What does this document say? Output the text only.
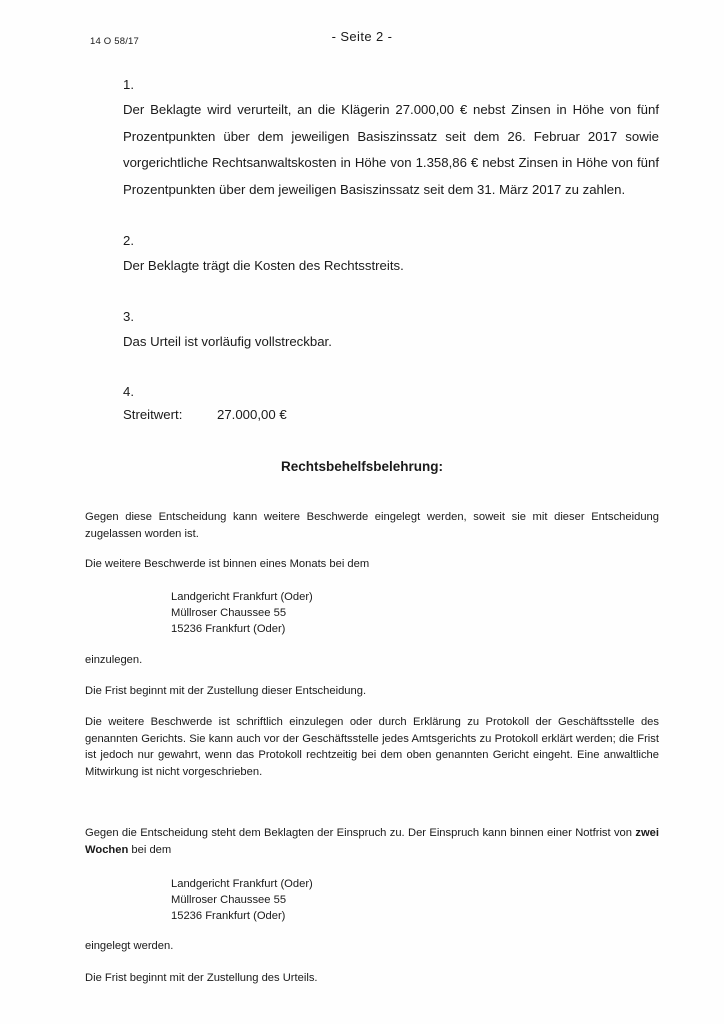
14 O 58/17	- Seite 2 -
1.

Der Beklagte wird verurteilt, an die Klägerin 27.000,00 € nebst Zinsen in Höhe von fünf Prozentpunkten über dem jeweiligen Basiszinssatz seit dem 26. Februar 2017 sowie vorgerichtliche Rechtsanwaltskosten in Höhe von 1.358,86 € nebst Zinsen in Höhe von fünf Prozentpunkten über dem jeweiligen Basiszinssatz seit dem 31. März 2017 zu zahlen.

2.
Der Beklagte trägt die Kosten des Rechtsstreits.
3.
Das Urteil ist vorläufig vollstreckbar.
4.
Streitwert:	27.000,00 €
Rechtsbehelfsbelehrung:

Gegen diese Entscheidung kann weitere Beschwerde eingelegt werden, soweit sie mit dieser Entscheidung zugelassen worden ist.

Die weitere Beschwerde ist binnen eines Monats bei dem

Landgericht Frankfurt (Oder)
Müllroser Chaussee 55
15236 Frankfurt (Oder)

einzulegen.

Die Frist beginnt mit der Zustellung dieser Entscheidung.

Die weitere Beschwerde ist schriftlich einzulegen oder durch Erklärung zu Protokoll der Geschäftsstelle des genannten Gerichts. Sie kann auch vor der Geschäftsstelle jedes Amtsgerichts zu Protokoll erklärt werden; die Frist ist jedoch nur gewahrt, wenn das Protokoll rechtzeitig bei dem oben genannten Gericht eingeht. Eine anwaltliche Mitwirkung ist nicht vorgeschrieben.

Gegen die Entscheidung steht dem Beklagten der Einspruch zu. Der Einspruch kann binnen einer Notfrist von zwei Wochen bei dem

Landgericht Frankfurt (Oder)
Müllroser Chaussee 55
15236 Frankfurt (Oder)

eingelegt werden.

Die Frist beginnt mit der Zustellung des Urteils.
